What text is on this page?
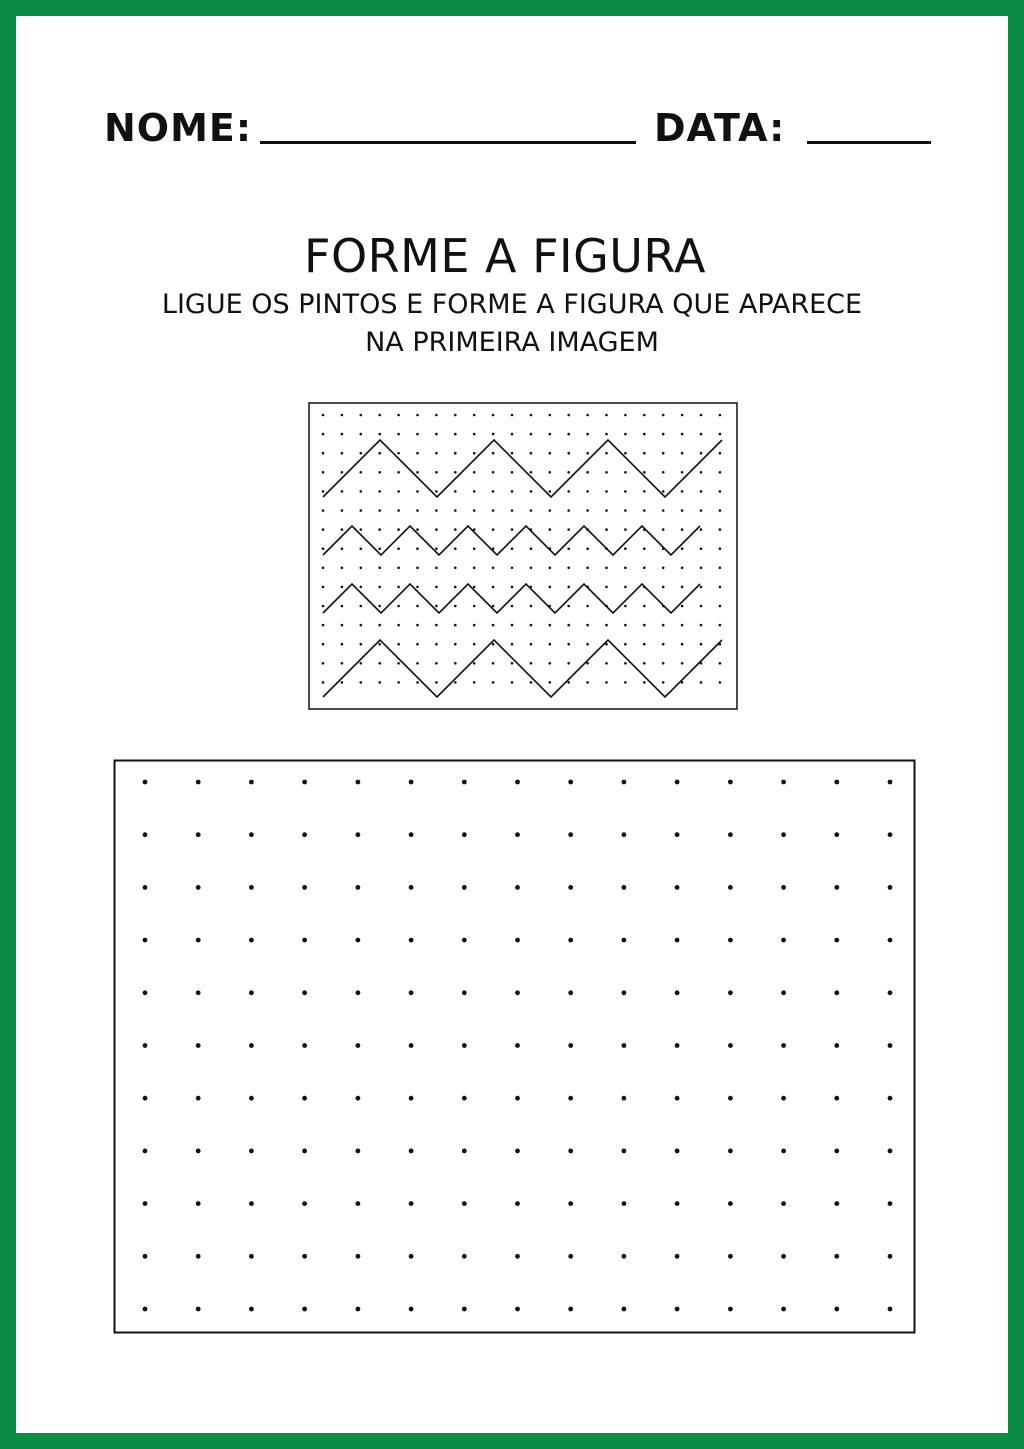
NOME:	DATA:
FORME A FIGURA
LIGUE OS PINTOS E FORME A FIGURA QUE APARECE
NA PRIMEIRA IMAGEM
